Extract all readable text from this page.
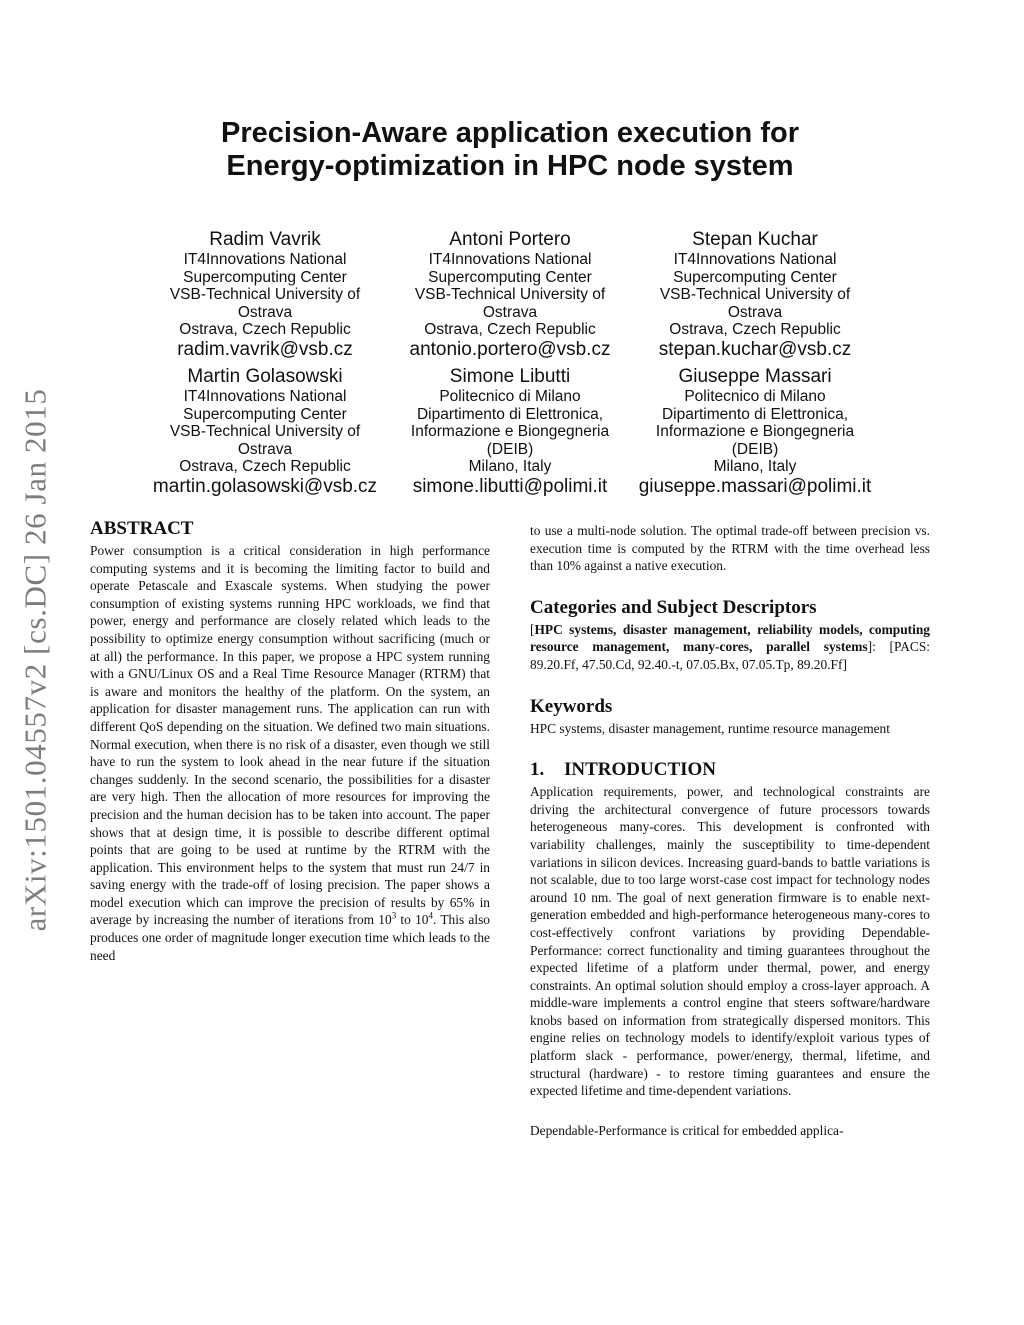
arXiv:1501.04557v2 [cs.DC] 26 Jan 2015
Precision-Aware application execution for
Energy-optimization in HPC node system
Radim Vavrik
IT4Innovations National
Supercomputing Center
VSB-Technical University of
Ostrava
Ostrava, Czech Republic
radim.vavrik@vsb.cz
Antoni Portero
IT4Innovations National
Supercomputing Center
VSB-Technical University of
Ostrava
Ostrava, Czech Republic
antonio.portero@vsb.cz
Stepan Kuchar
IT4Innovations National
Supercomputing Center
VSB-Technical University of
Ostrava
Ostrava, Czech Republic
stepan.kuchar@vsb.cz
Martin Golasowski
IT4Innovations National
Supercomputing Center
VSB-Technical University of
Ostrava
Ostrava, Czech Republic
martin.golasowski@vsb.cz
Simone Libutti
Politecnico di Milano
Dipartimento di Elettronica,
Informazione e Biongegneria
(DEIB)
Milano, Italy
simone.libutti@polimi.it
Giuseppe Massari
Politecnico di Milano
Dipartimento di Elettronica,
Informazione e Biongegneria
(DEIB)
Milano, Italy
giuseppe.massari@polimi.it
ABSTRACT

Power consumption is a critical consideration in high performance computing systems and it is becoming the limiting factor to build and operate Petascale and Exascale systems. When studying the power consumption of existing systems running HPC workloads, we find that power, energy and performance are closely related which leads to the possibility to optimize energy consumption without sacrificing (much or at all) the performance. In this paper, we propose a HPC system running with a GNU/Linux OS and a Real Time Resource Manager (RTRM) that is aware and monitors the healthy of the platform. On the system, an application for disaster management runs. The application can run with different QoS depending on the situation. We defined two main situations. Normal execution, when there is no risk of a disaster, even though we still have to run the system to look ahead in the near future if the situation changes suddenly. In the second scenario, the possibilities for a disaster are very high. Then the allocation of more resources for improving the precision and the human decision has to be taken into account. The paper shows that at design time, it is possible to describe different optimal points that are going to be used at runtime by the RTRM with the application. This environment helps to the system that must run 24/7 in saving energy with the trade-off of losing precision. The paper shows a model execution which can improve the precision of results by 65% in average by increasing the number of iterations from $10^3$ to $10^4$. This also produces one order of magnitude longer execution time which leads to the need

to use a multi-node solution. The optimal trade-off between precision vs. execution time is computed by the RTRM with the time overhead less than 10% against a native execution.

Categories and Subject Descriptors

[HPC systems, disaster management, reliability models, computing resource management, many-cores, parallel systems]: [PACS: 89.20.Ff, 47.50.Cd, 92.40.-t, 07.05.Bx, 07.05.Tp, 89.20.Ff]

Keywords

HPC systems, disaster management, runtime resource management

1. INTRODUCTION

Application requirements, power, and technological constraints are driving the architectural convergence of future processors towards heterogeneous many-cores. This development is confronted with variability challenges, mainly the susceptibility to time-dependent variations in silicon devices. Increasing guard-bands to battle variations is not scalable, due to too large worst-case cost impact for technology nodes around 10 nm. The goal of next generation firmware is to enable next-generation embedded and high-performance heterogeneous many-cores to cost-effectively confront variations by providing Dependable-Performance: correct functionality and timing guarantees throughout the expected lifetime of a platform under thermal, power, and energy constraints. An optimal solution should employ a cross-layer approach. A middle-ware implements a control engine that steers software/hardware knobs based on information from strategically dispersed monitors. This engine relies on technology models to identify/exploit various types of platform slack - performance, power/energy, thermal, lifetime, and structural (hardware) - to restore timing guarantees and ensure the expected lifetime and time-dependent variations.

Dependable-Performance is critical for embedded applica-
